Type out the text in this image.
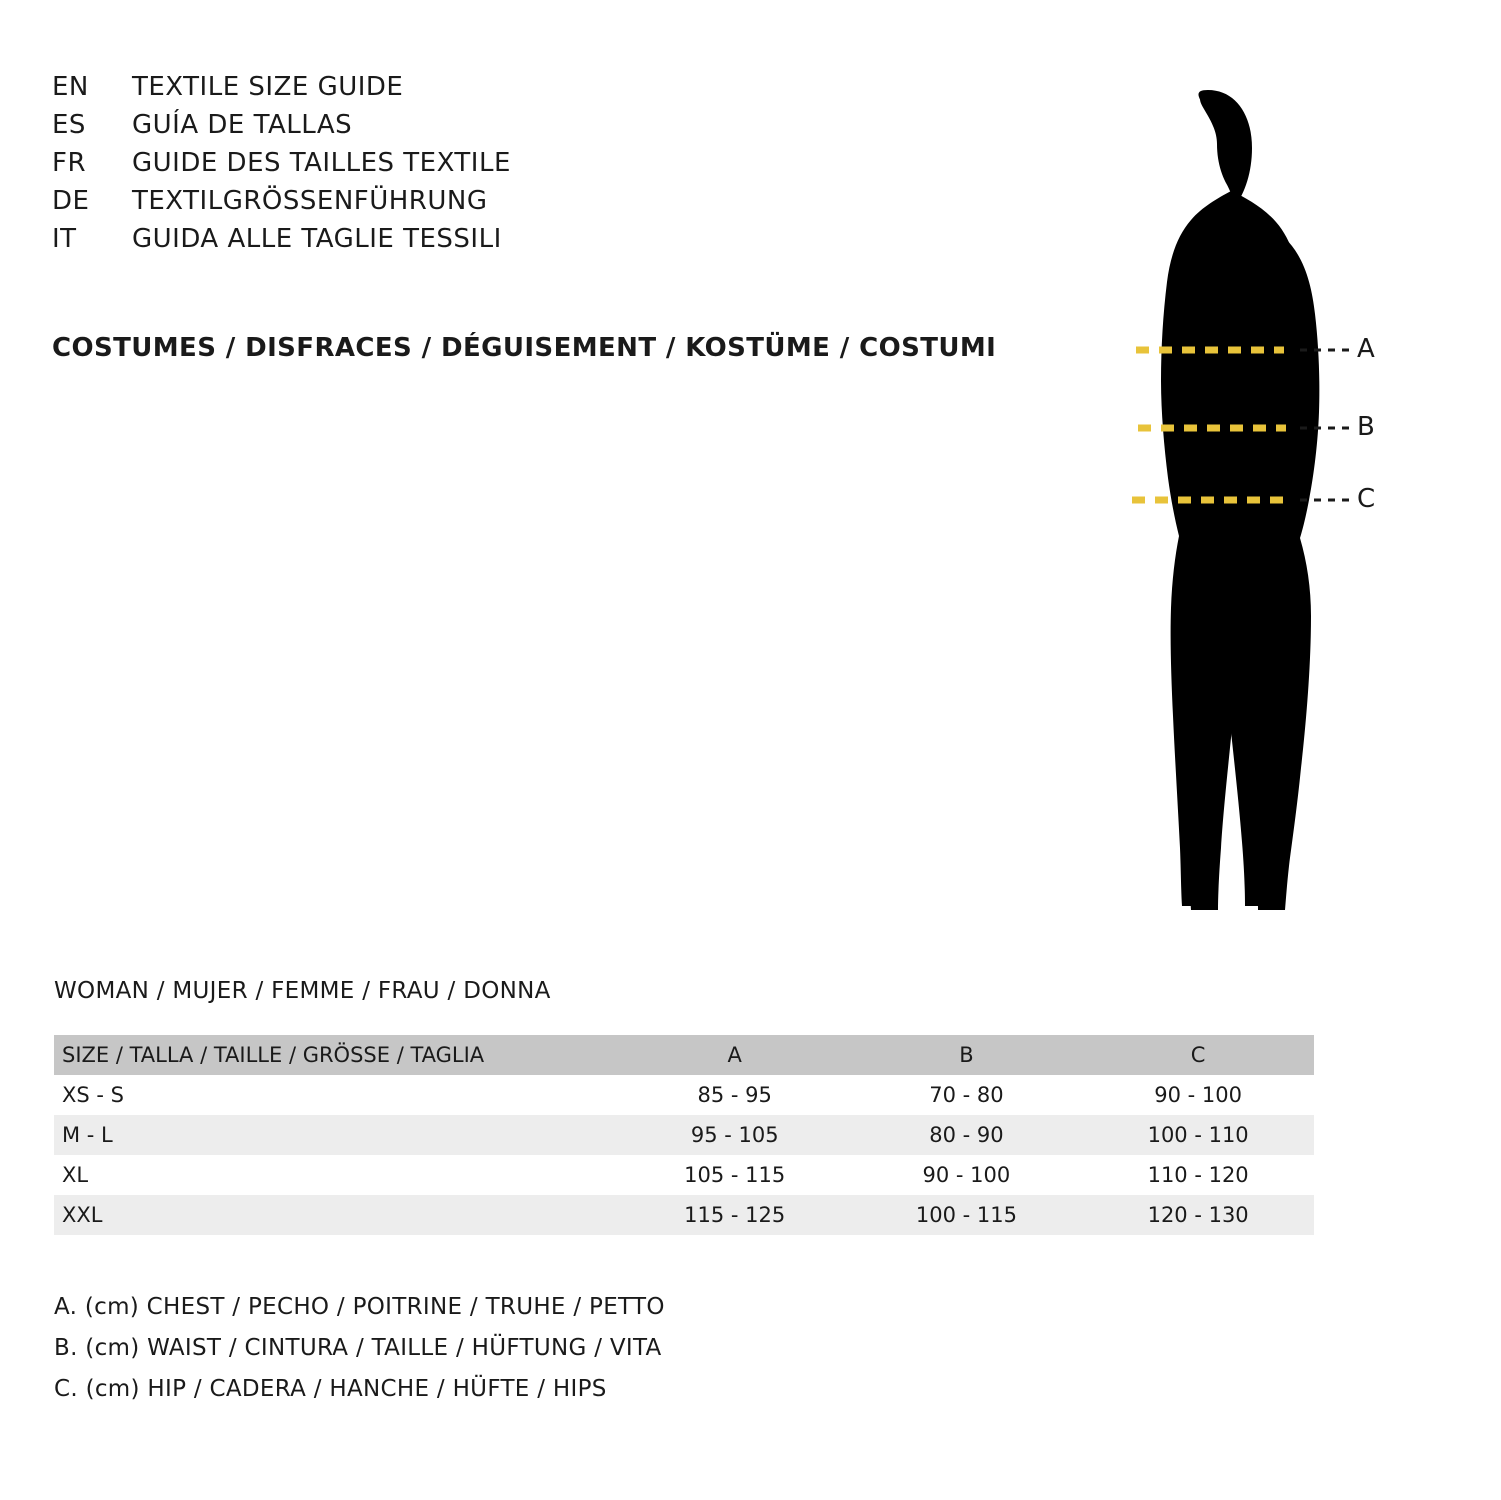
EN	TEXTILE SIZE GUIDE
ES	GUÍA DE TALLAS
FR	GUIDE DES TAILLES TEXTILE
DE	TEXTILGRÖSSENFÜHRUNG
IT	GUIDA ALLE TAGLIE TESSILI
COSTUMES / DISFRACES / DÉGUISEMENT / KOSTÜME / COSTUMI	A
B
C
WOMAN / MUJER / FEMME / FRAU / DONNA
SIZE / TALLA / TAILLE / GRÖSSE / TAGLIA	A	B	C
XS - S	85 - 95	70 - 80	90 - 100
M - L	95 - 105	80 - 90	100 - 110
XL	105 - 115	90 - 100	110 - 120
XXL	115 - 125	100 - 115	120 - 130
A. (cm) CHEST / PECHO / POITRINE / TRUHE / PETTO
B. (cm) WAIST / CINTURA / TAILLE / HÜFTUNG / VITA
C. (cm) HIP / CADERA / HANCHE / HÜFTE / HIPS
